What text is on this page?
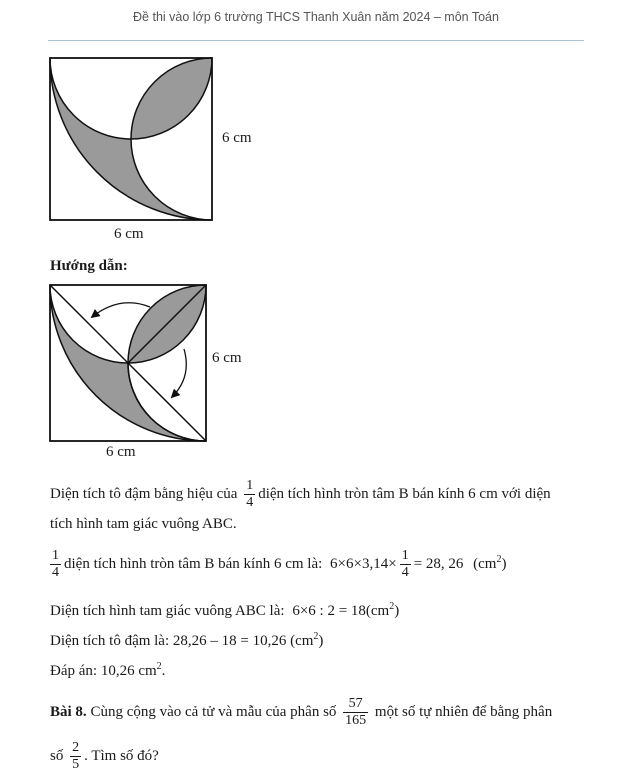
Đề thi vào lớp 6 trường THCS Thanh Xuân năm 2024 – môn Toán
6 cm
6 cm
Hướng dẫn:
6 cm
6 cm
Diện tích tô đậm bằng hiệu của $\frac{1}{4}$ diện tích hình tròn tâm B bán kính 6 cm với diện
tích hình tam giác vuông ABC.
$\frac{1}{4}$ diện tích hình tròn tâm B bán kính 6 cm là: $6\times 6\times 3,14\times \frac{1}{4} = 28$, 26 $(cm^2)$
Diện tích hình tam giác vuông ABC là: 6×6 : $2 = 18(cm^2)$
Diện tích tô đậm là: 28,26 – 18 = 10,26 $(cm^2)$
Đáp án: 10,26 $cm^2$.
Bài 8. Cùng cộng vào cả tử và mẫu của phân số $\frac{57}{165}$ một số tự nhiên để bằng phân
số $\frac{2}{5}$ . Tìm số đó?
